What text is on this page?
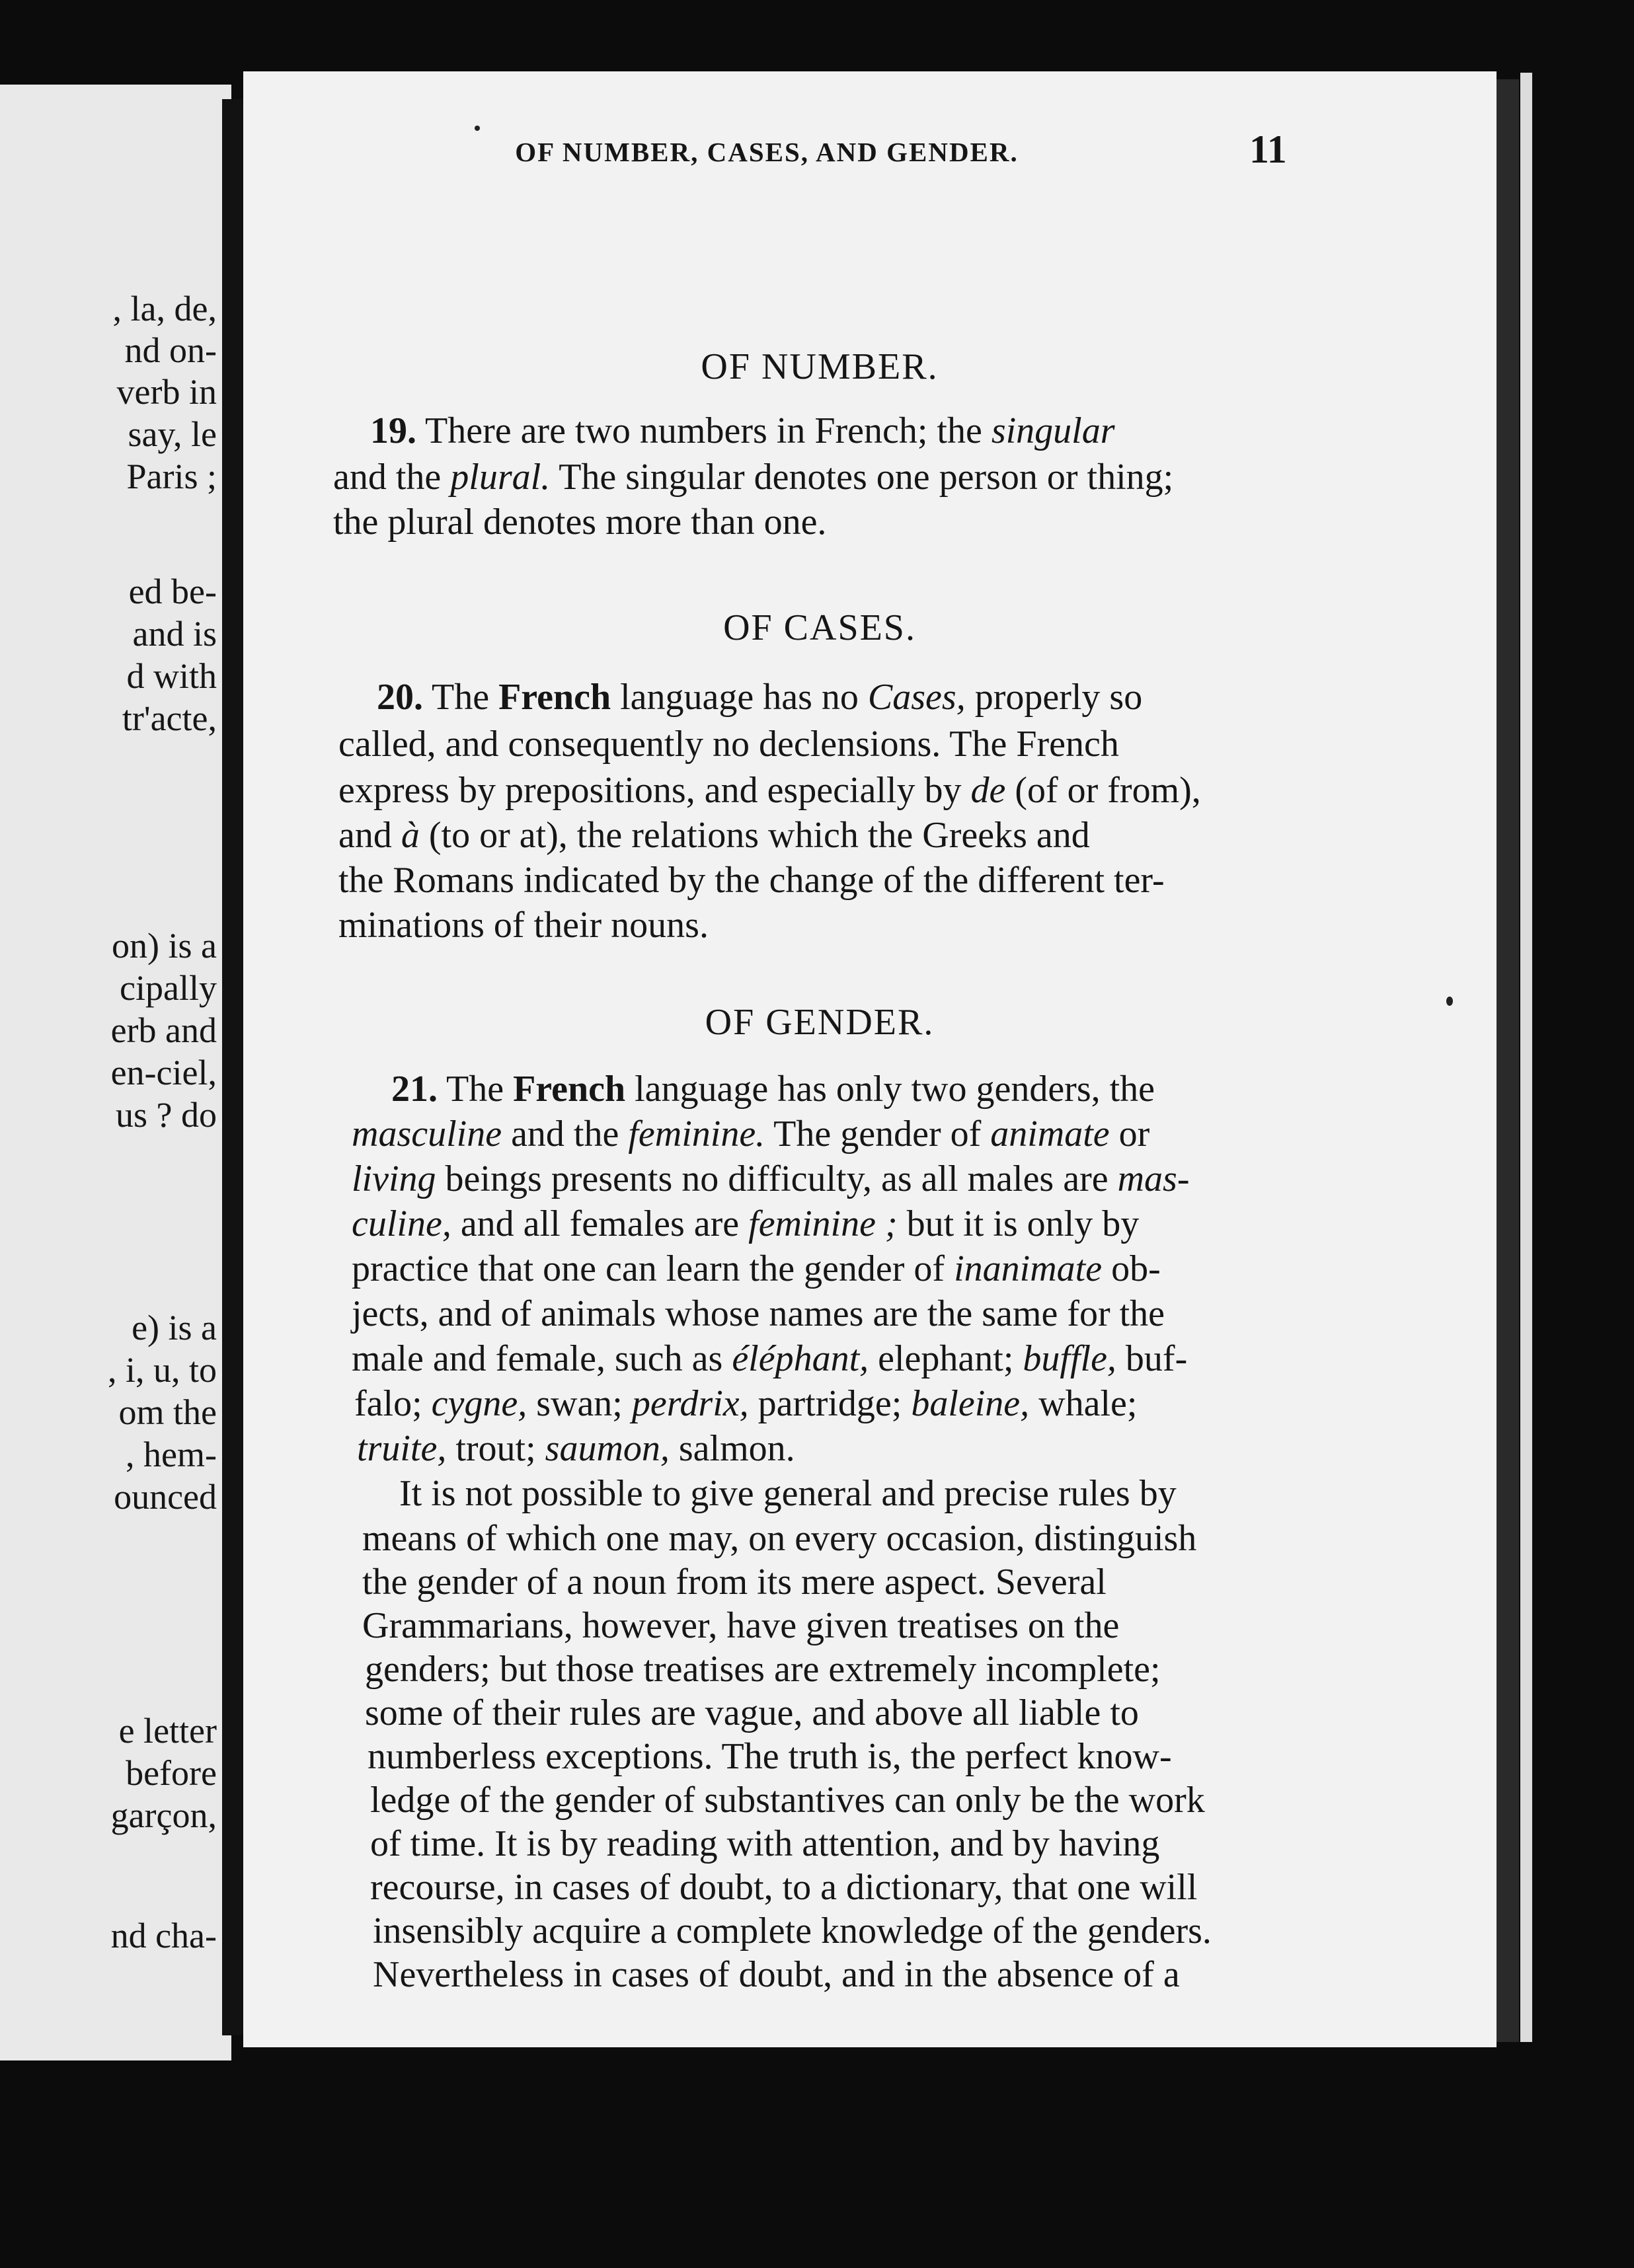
, la, de,
nd on-
verb in
say, le
Paris ;
ed be-
and is
d with
tr'acte,
on) is a
cipally
erb and
en-ciel,
us ? do
e) is a
, i, u, to
om the
, hem-
ounced
e letter
before
garçon,
nd cha-
OF NUMBER, CASES, AND GENDER.	11
OF NUMBER.
19. There are two numbers in French; the singular
and the plural. The singular denotes one person or thing;
the plural denotes more than one.
OF CASES.
20. The French language has no Cases, properly so
called, and consequently no declensions. The French
express by prepositions, and especially by de (of or from),
and à (to or at), the relations which the Greeks and
the Romans indicated by the change of the different ter-
minations of their nouns.
OF GENDER.
21. The French language has only two genders, the
masculine and the feminine. The gender of animate or
living beings presents no difficulty, as all males are mas-
culine, and all females are feminine ; but it is only by
practice that one can learn the gender of inanimate ob-
jects, and of animals whose names are the same for the
male and female, such as éléphant, elephant; buffle, buf-
falo; cygne, swan; perdrix, partridge; baleine, whale;
truite, trout; saumon, salmon.
It is not possible to give general and precise rules by
means of which one may, on every occasion, distinguish
the gender of a noun from its mere aspect. Several
Grammarians, however, have given treatises on the
genders; but those treatises are extremely incomplete;
some of their rules are vague, and above all liable to
numberless exceptions. The truth is, the perfect know-
ledge of the gender of substantives can only be the work
of time. It is by reading with attention, and by having
recourse, in cases of doubt, to a dictionary, that one will
insensibly acquire a complete knowledge of the genders.
Nevertheless in cases of doubt, and in the absence of a
